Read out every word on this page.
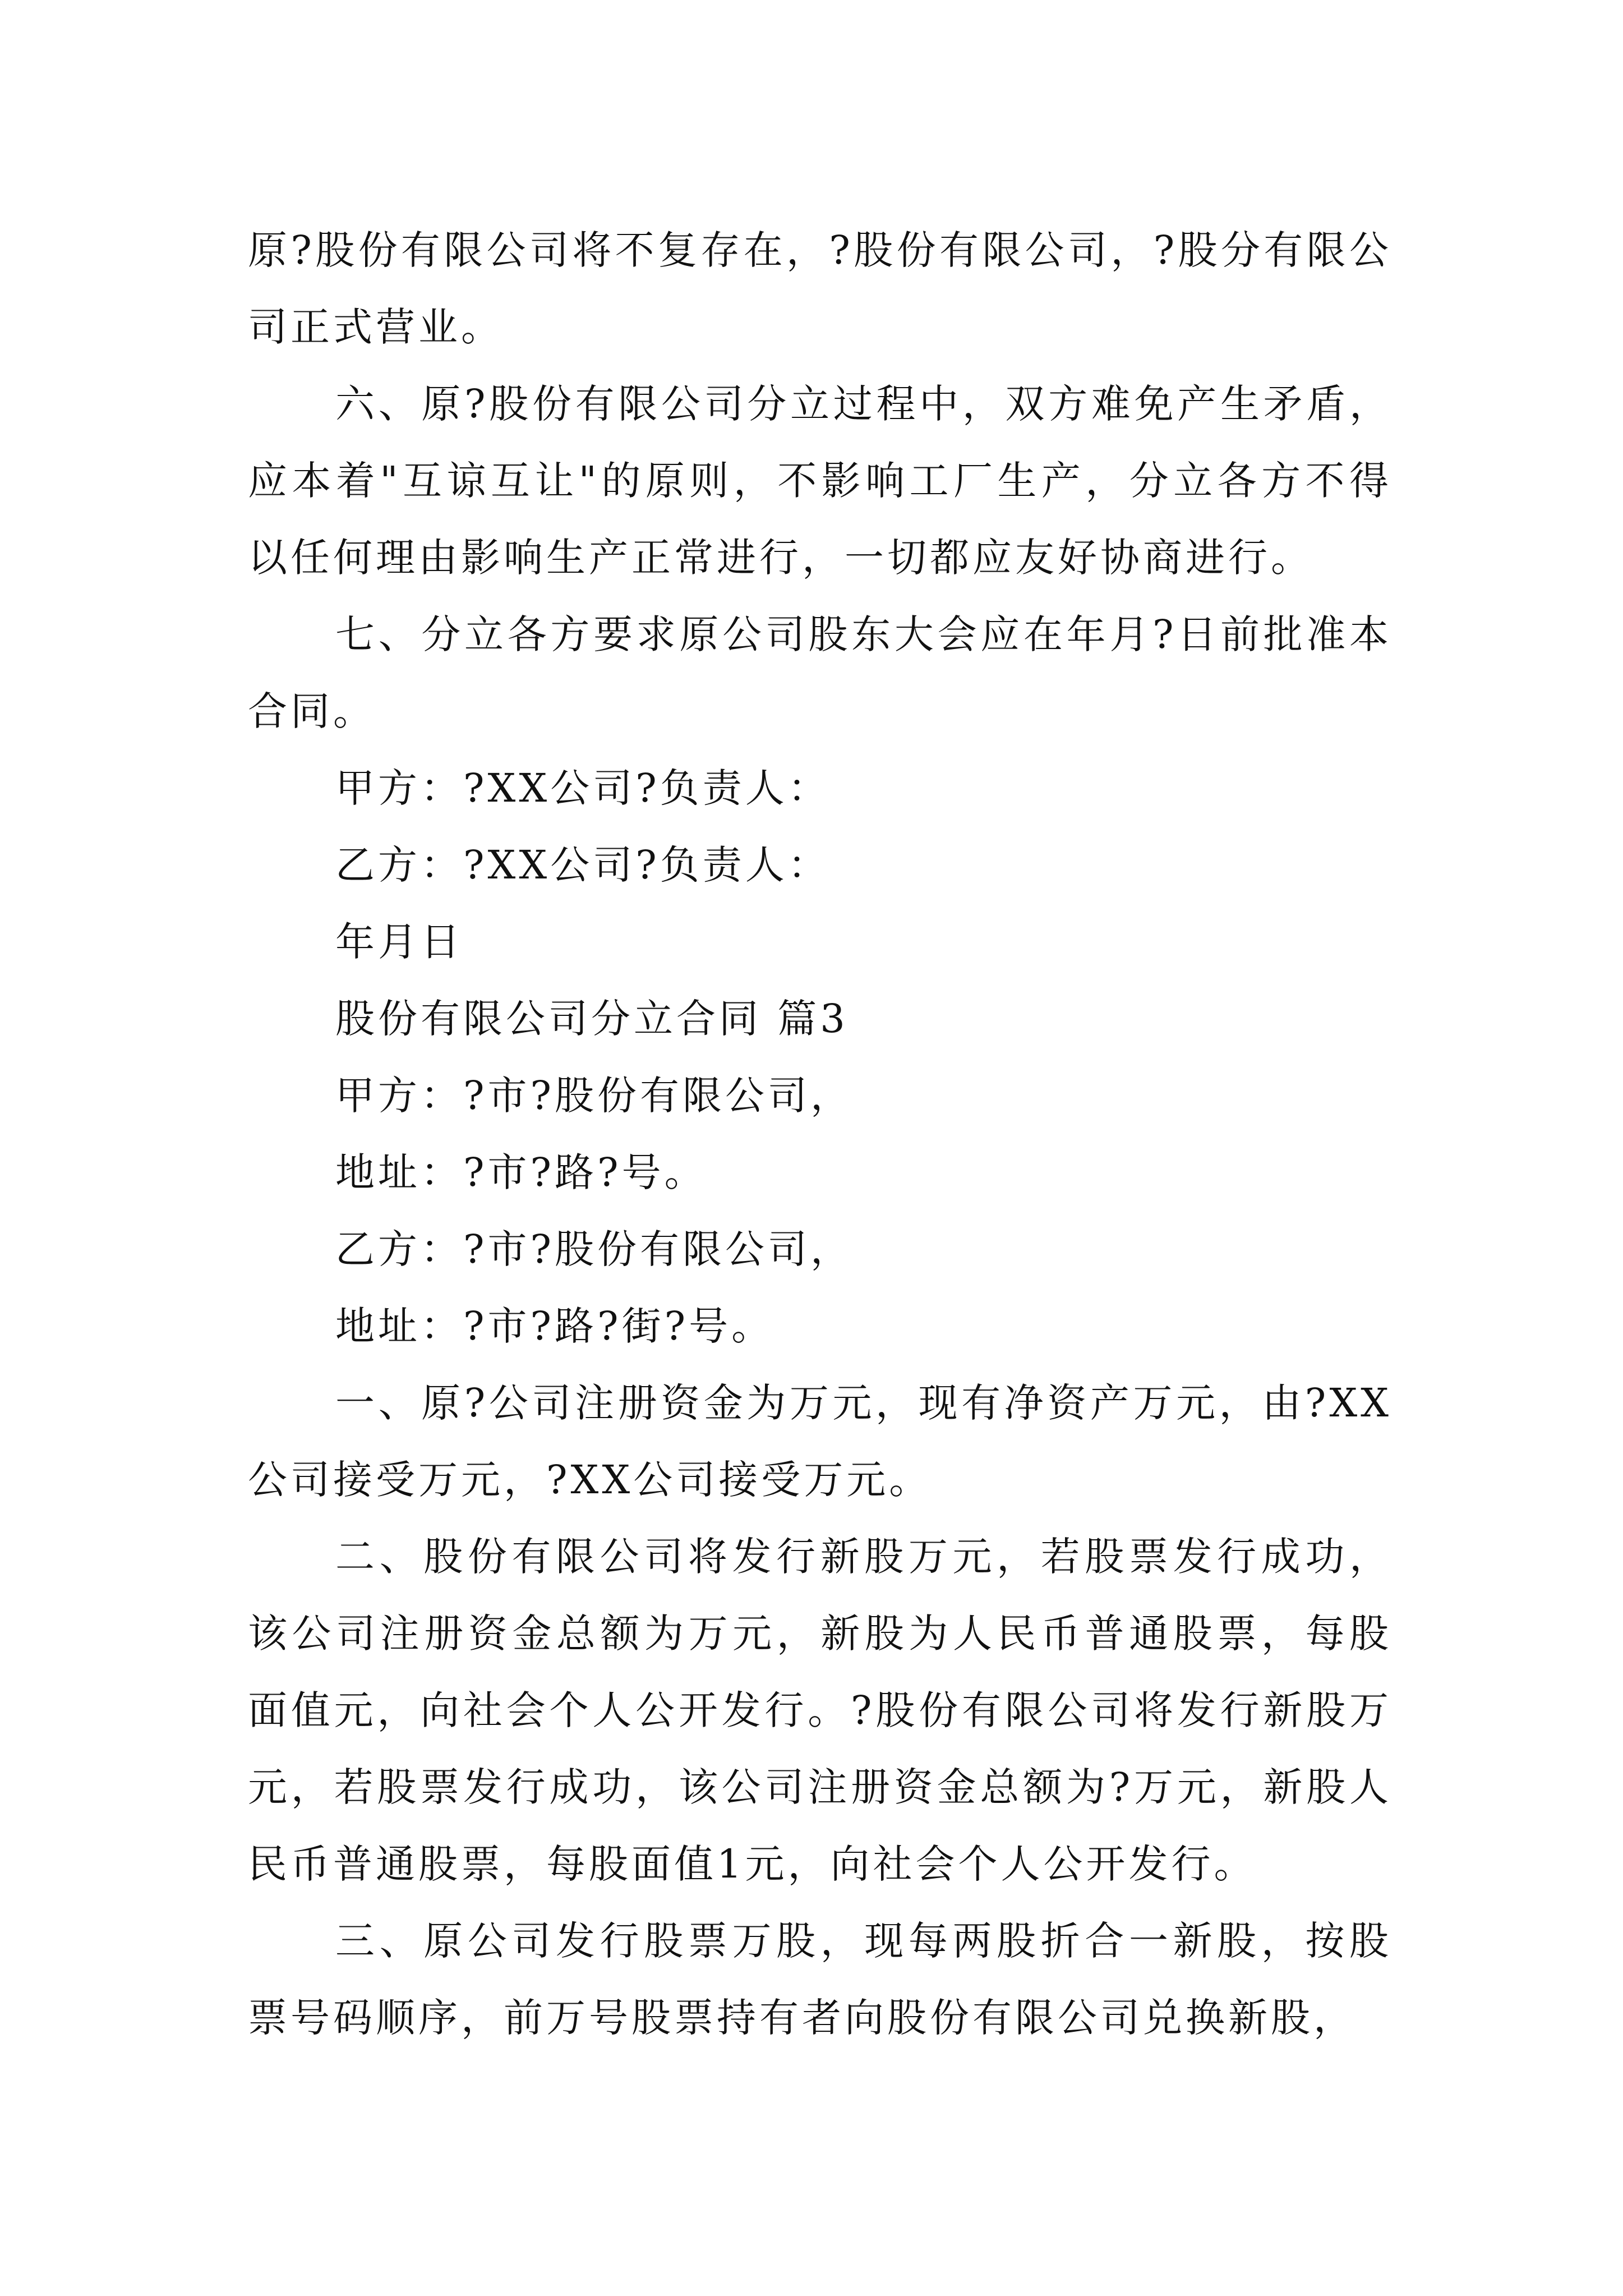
原?股份有限公司将不复存在，?股份有限公司，?股分有限公司正式营业。

六、原?股份有限公司分立过程中，双方难免产生矛盾，应本着"互谅互让"的原则，不影响工厂生产，分立各方不得以任何理由影响生产正常进行，一切都应友好协商进行。

七、分立各方要求原公司股东大会应在年月?日前批准本合同。

甲方：?XX公司?负责人：

乙方：?XX公司?负责人：

年月日

股份有限公司分立合同 篇3

甲方：?市?股份有限公司，

地址：?市?路?号。

乙方：?市?股份有限公司，

地址：?市?路?街?号。

一、原?公司注册资金为万元，现有净资产万元，由?XX公司接受万元，?XX公司接受万元。

二、股份有限公司将发行新股万元，若股票发行成功，该公司注册资金总额为万元，新股为人民币普通股票，每股面值元，向社会个人公开发行。?股份有限公司将发行新股万元，若股票发行成功，该公司注册资金总额为?万元，新股人民币普通股票，每股面值1元，向社会个人公开发行。

三、原公司发行股票万股，现每两股折合一新股，按股票号码顺序，前万号股票持有者向股份有限公司兑换新股，
